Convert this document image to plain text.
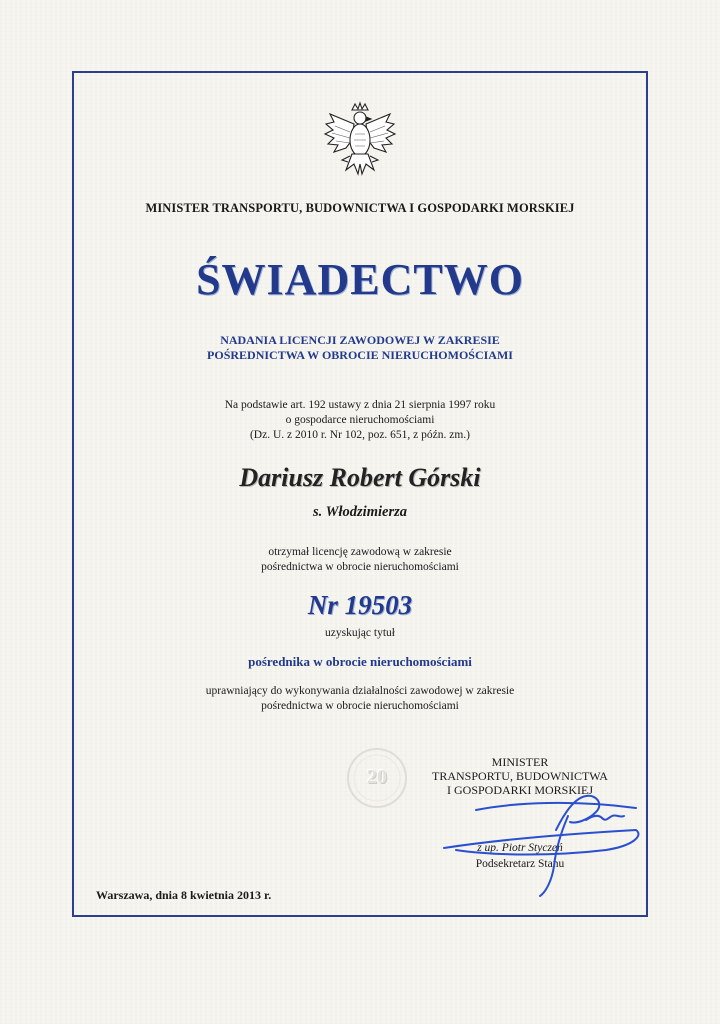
MINISTER TRANSPORTU, BUDOWNICTWA I GOSPODARKI MORSKIEJ
ŚWIADECTWO
NADANIA LICENCJI ZAWODOWEJ W ZAKRESIE
POŚREDNICTWA W OBROCIE NIERUCHOMOŚCIAMI
Na podstawie art. 192 ustawy z dnia 21 sierpnia 1997 roku
o gospodarce nieruchomościami
(Dz. U. z 2010 r. Nr 102, poz. 651, z późn. zm.)
Dariusz Robert Górski
s. Włodzimierza
otrzymał licencję zawodową w zakresie
pośrednictwa w obrocie nieruchomościami
Nr 19503
uzyskując tytuł
pośrednika w obrocie nieruchomościami
uprawniający do wykonywania działalności zawodowej w zakresie
pośrednictwa w obrocie nieruchomościami
20
MINISTER
TRANSPORTU, BUDOWNICTWA
I GOSPODARKI MORSKIEJ
z up. Piotr Styczeń
Podsekretarz Stanu
Warszawa, dnia 8 kwietnia 2013 r.
